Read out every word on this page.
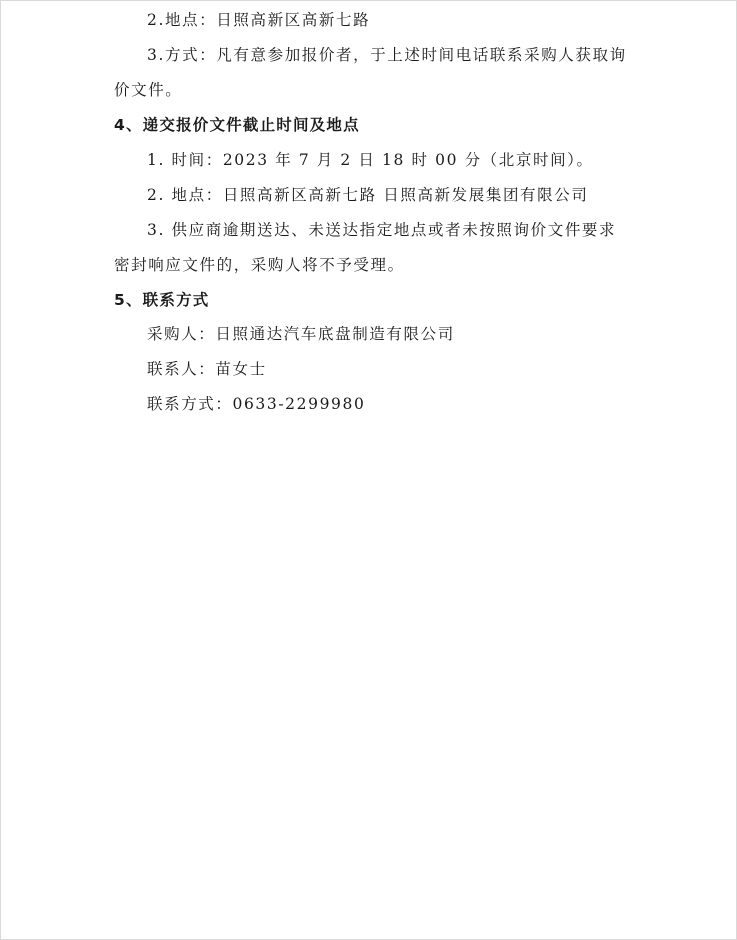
2.地点：日照高新区高新七路
3.方式：凡有意参加报价者，于上述时间电话联系采购人获取询
价文件。
4、递交报价文件截止时间及地点
1. 时间：2023 年 7 月 2 日 18 时 00 分（北京时间）。
2. 地点：日照高新区高新七路 日照高新发展集团有限公司
3. 供应商逾期送达、未送达指定地点或者未按照询价文件要求
密封响应文件的，采购人将不予受理。
5、联系方式
采购人：日照通达汽车底盘制造有限公司
联系人：苗女士
联系方式：0633-2299980
